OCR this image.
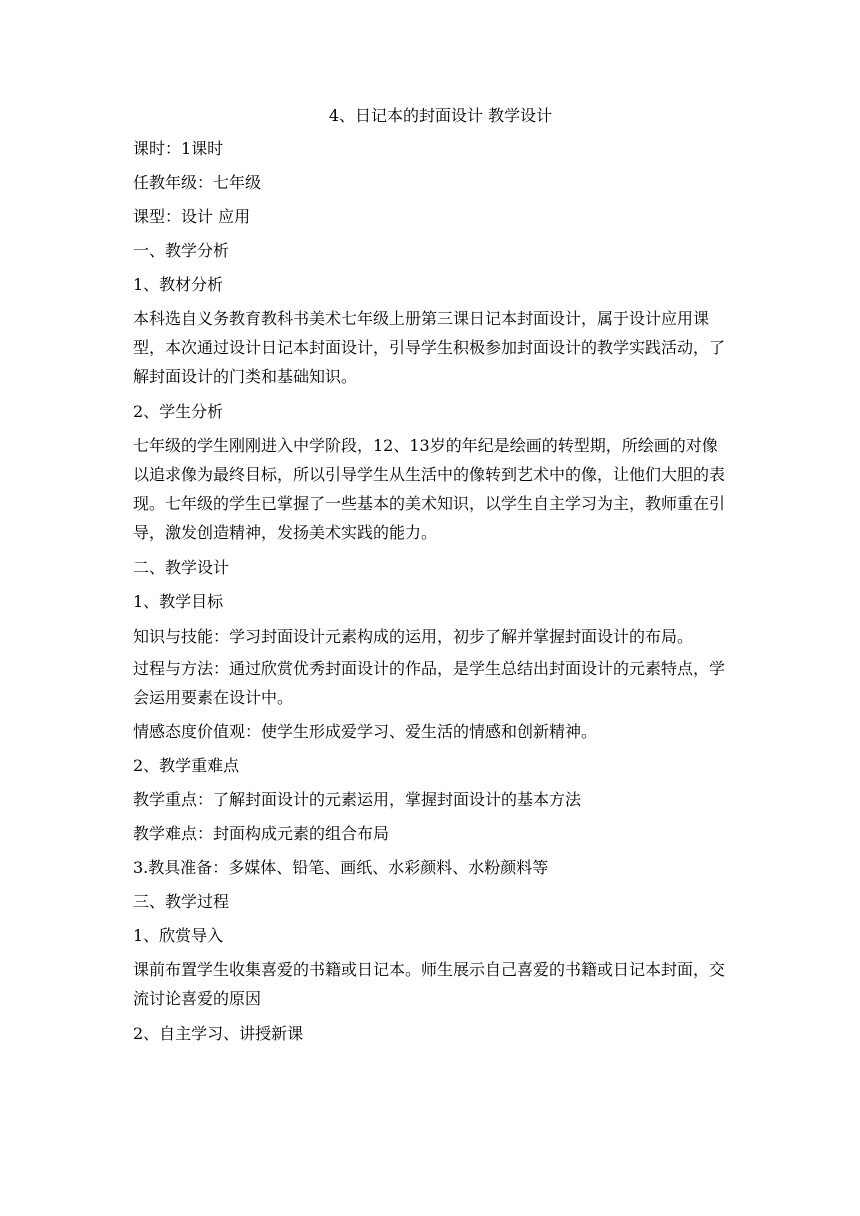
4、日记本的封面设计 教学设计

课时：1课时

任教年级：七年级

课型：设计 应用

一、教学分析

1、教材分析

本科选自义务教育教科书美术七年级上册第三课日记本封面设计，属于设计应用课型，本次通过设计日记本封面设计，引导学生积极参加封面设计的教学实践活动，了解封面设计的门类和基础知识。

2、学生分析

七年级的学生刚刚进入中学阶段，12、13岁的年纪是绘画的转型期，所绘画的对像以追求像为最终目标，所以引导学生从生活中的像转到艺术中的像，让他们大胆的表现。七年级的学生已掌握了一些基本的美术知识，以学生自主学习为主，教师重在引导，激发创造精神，发扬美术实践的能力。

二、教学设计

1、教学目标

知识与技能：学习封面设计元素构成的运用，初步了解并掌握封面设计的布局。

过程与方法：通过欣赏优秀封面设计的作品，是学生总结出封面设计的元素特点，学会运用要素在设计中。

情感态度价值观：使学生形成爱学习、爱生活的情感和创新精神。

2、教学重难点

教学重点：了解封面设计的元素运用，掌握封面设计的基本方法

教学难点：封面构成元素的组合布局

3.教具准备：多媒体、铅笔、画纸、水彩颜料、水粉颜料等

三、教学过程

1、欣赏导入

课前布置学生收集喜爱的书籍或日记本。师生展示自己喜爱的书籍或日记本封面，交流讨论喜爱的原因

2、自主学习、讲授新课
